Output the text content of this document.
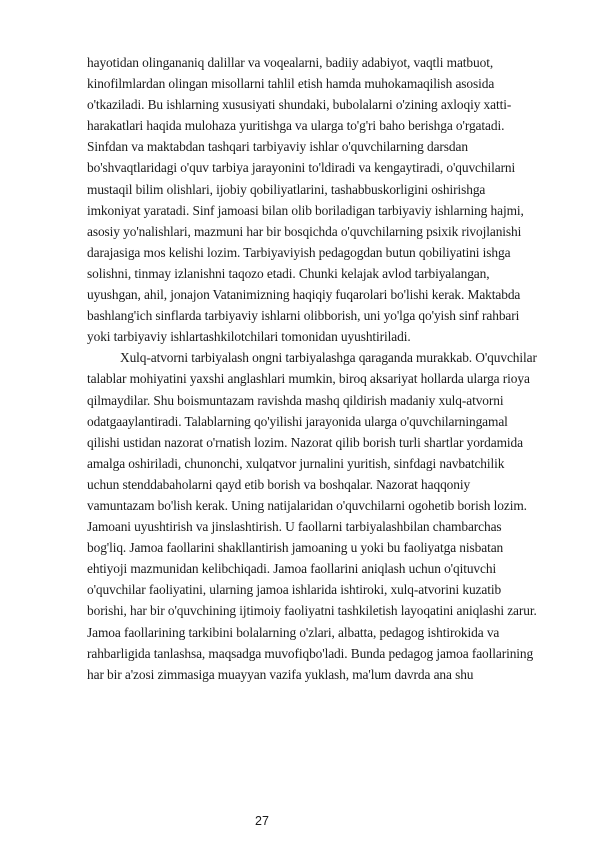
hayotidan olingananiq dalillar va voqealarni, badiiy adabiyot, vaqtli matbuot,
kinofilmlardan olingan misollarni tahlil etish hamda muhokamaqilish asosida
o'tkaziladi. Bu ishlarning xususiyati shundaki, bubolalarni o'zining axloqiy xatti-
harakatlari haqida mulohaza yuritishga va ularga to'g'ri baho berishga o'rgatadi.
Sinfdan va maktabdan tashqari tarbiyaviy ishlar o'quvchilarning darsdan
bo'shvaqtlaridagi o'quv tarbiya jarayonini to'ldiradi va kengaytiradi, o'quvchilarni
mustaqil bilim olishlari, ijobiy qobiliyatlarini, tashabbuskorligini oshirishga
imkoniyat yaratadi. Sinf jamoasi bilan olib boriladigan tarbiyaviy ishlarning hajmi,
asosiy yo'nalishlari, mazmuni har bir bosqichda o'quvchilarning psixik rivojlanishi
darajasiga mos kelishi lozim. Tarbiyaviyish pedagogdan butun qobiliyatini ishga
solishni, tinmay izlanishni taqozo etadi. Chunki kelajak avlod tarbiyalangan,
uyushgan, ahil, jonajon Vatanimizning haqiqiy fuqarolari bo'lishi kerak. Maktabda
bashlang'ich sinflarda tarbiyaviy ishlarni olibborish, uni yo'lga qo'yish sinf rahbari
yoki tarbiyaviy ishlartashkilotchilari tomonidan uyushtiriladi.
Xulq-atvorni tarbiyalash ongni tarbiyalashga qaraganda murakkab. O'quvchilar
talablar mohiyatini yaxshi anglashlari mumkin, biroq aksariyat hollarda ularga rioya
qilmaydilar. Shu boismuntazam ravishda mashq qildirish madaniy xulq-atvorni
odatgaaylantiradi. Talablarning qo'yilishi jarayonida ularga o'quvchilarningamal
qilishi ustidan nazorat o'rnatish lozim. Nazorat qilib borish turli shartlar yordamida
amalga oshiriladi, chunonchi, xulqatvor jurnalini yuritish, sinfdagi navbatchilik
uchun stenddabaholarni qayd etib borish va boshqalar. Nazorat haqqoniy
vamuntazam bo'lish kerak. Uning natijalaridan o'quvchilarni ogohetib borish lozim.
Jamoani uyushtirish va jinslashtirish. U faollarni tarbiyalashbilan chambarchas
bog'liq. Jamoa faollarini shakllantirish jamoaning u yoki bu faoliyatga nisbatan
ehtiyoji mazmunidan kelibchiqadi. Jamoa faollarini aniqlash uchun o'qituvchi
o'quvchilar faoliyatini, ularning jamoa ishlarida ishtiroki, xulq-atvorini kuzatib
borishi, har bir o'quvchining ijtimoiy faoliyatni tashkiletish layoqatini aniqlashi zarur.
Jamoa faollarining tarkibini bolalarning o'zlari, albatta, pedagog ishtirokida va
rahbarligida tanlashsa, maqsadga muvofiqbo'ladi. Bunda pedagog jamoa faollarining
har bir a'zosi zimmasiga muayyan vazifa yuklash, ma'lum davrda ana shu
27
